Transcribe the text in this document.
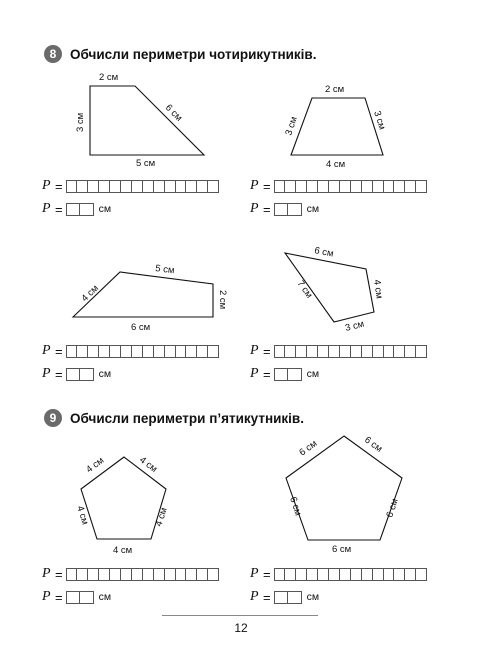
8	Обчисли периметри чотирикутників.
9	Обчисли периметри п’ятикутників.
2 см
3 см	6 см
5 см
2 см
3 см	3 см
4 см
5 см
4 см	2 см
6 см
6 см
7 см	4 см
3 см
4 см	4 см
4 см	4 см
4 см
6 см	6 см
6 см	6 см
6 см
P =	P =
P =	P =
P =	P =
P =	см	P =	см
P =	см	P =	см
P =	см	P =	см
12
